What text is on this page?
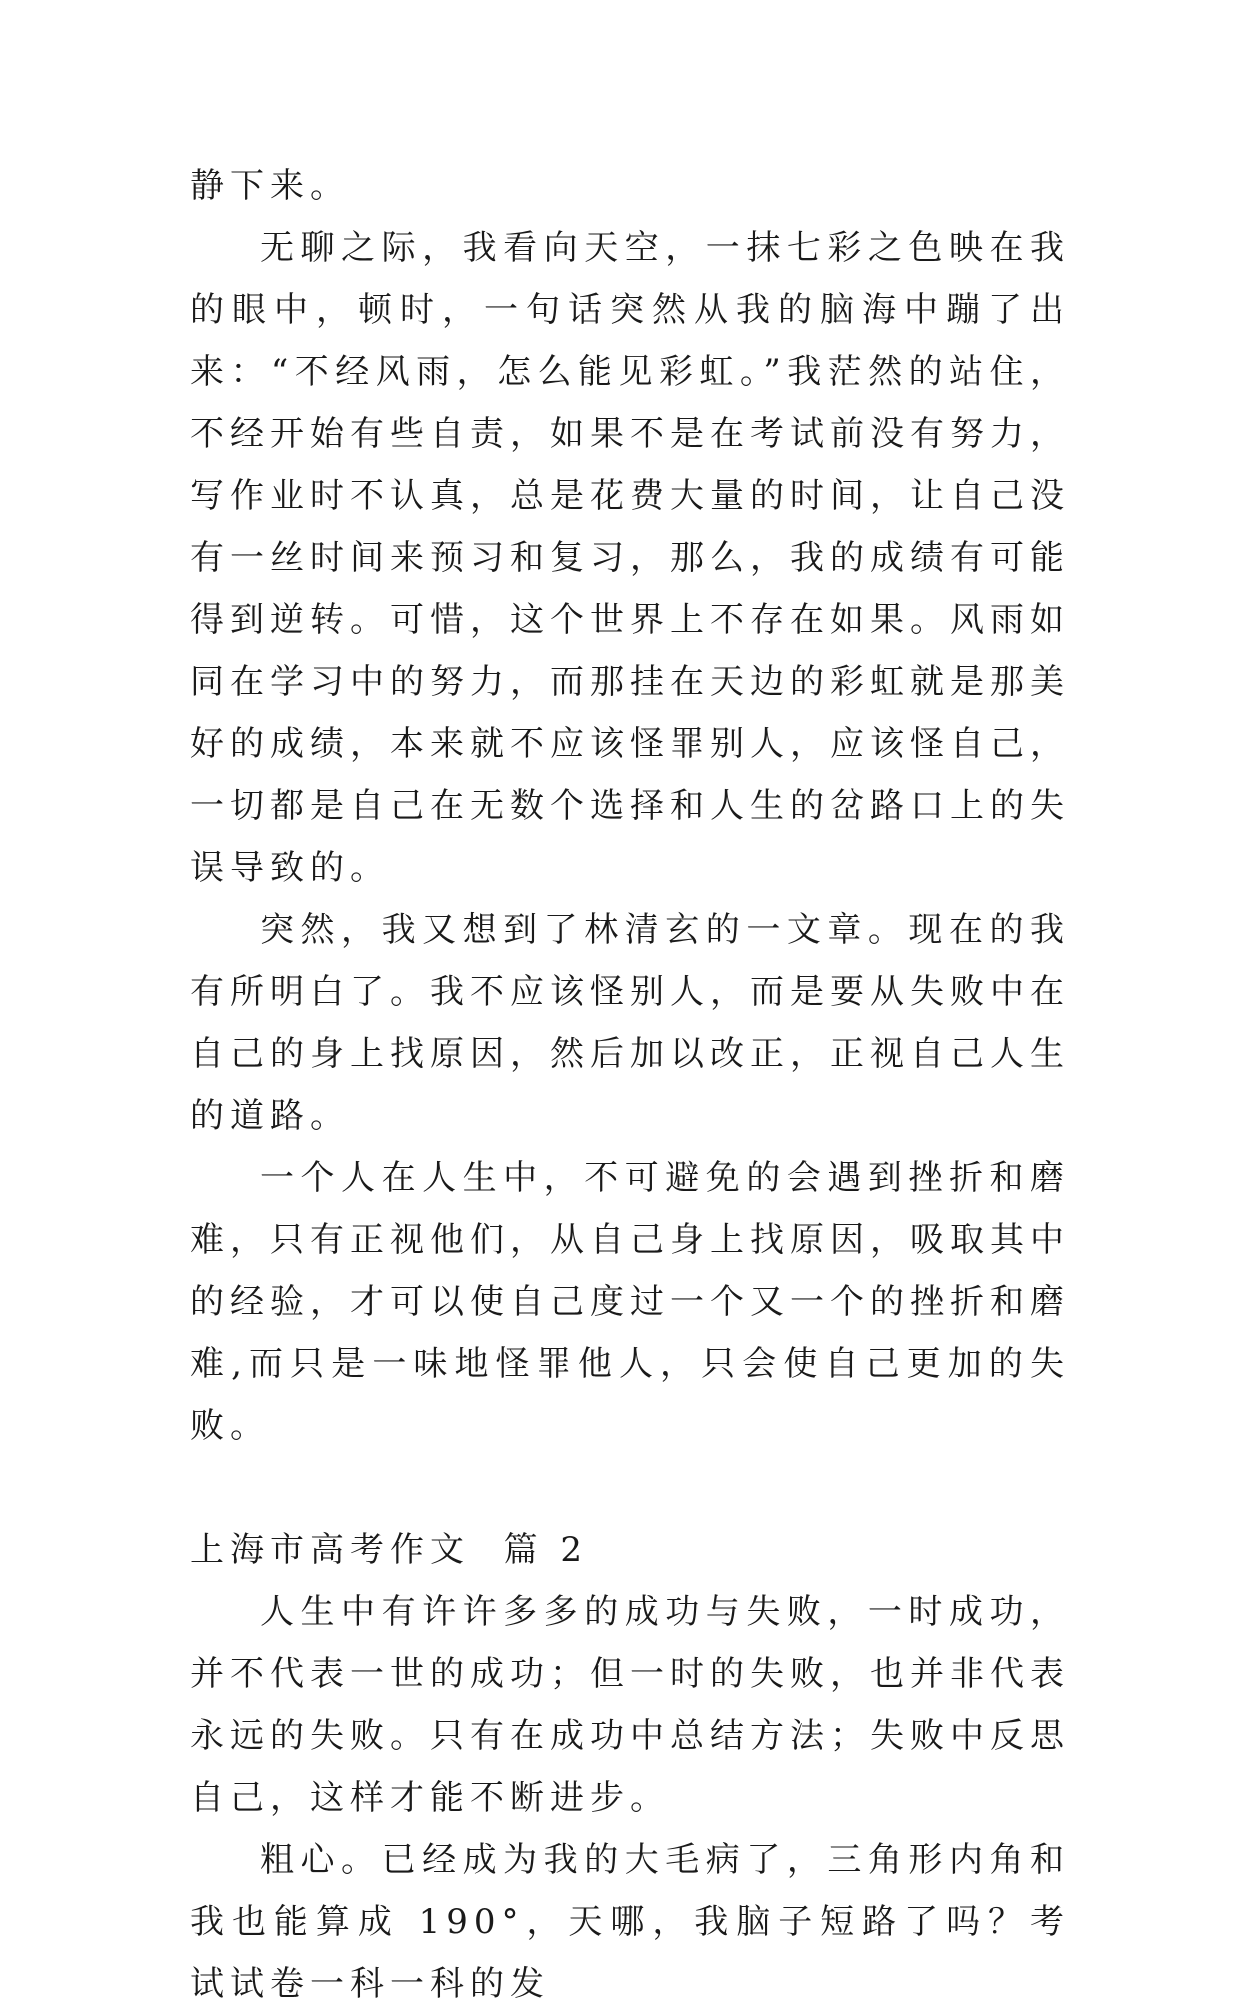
静下来。

无聊之际，我看向天空，一抹七彩之色映在我的眼中，顿时，一句话突然从我的脑海中蹦了出来：“不经风雨，怎么能见彩虹。”我茫然的站住，不经开始有些自责，如果不是在考试前没有努力，写作业时不认真，总是花费大量的时间，让自己没有一丝时间来预习和复习，那么，我的成绩有可能得到逆转。可惜，这个世界上不存在如果。风雨如同在学习中的努力，而那挂在天边的彩虹就是那美好的成绩，本来就不应该怪罪别人，应该怪自己，一切都是自己在无数个选择和人生的岔路口上的失误导致的。

突然，我又想到了林清玄的一文章。现在的我有所明白了。我不应该怪别人，而是要从失败中在自己的身上找原因，然后加以改正，正视自己人生的道路。

一个人在人生中，不可避免的会遇到挫折和磨难，只有正视他们，从自己身上找原因，吸取其中的经验，才可以使自己度过一个又一个的挫折和磨难,而只是一味地怪罪他人，只会使自己更加的失败。

上海市高考作文  篇 2

人生中有许许多多的成功与失败，一时成功，并不代表一世的成功；但一时的失败，也并非代表永远的失败。只有在成功中总结方法；失败中反思自己，这样才能不断进步。

粗心。已经成为我的大毛病了，三角形内角和我也能算成 190°，天哪，我脑子短路了吗？考试试卷一科一科的发
